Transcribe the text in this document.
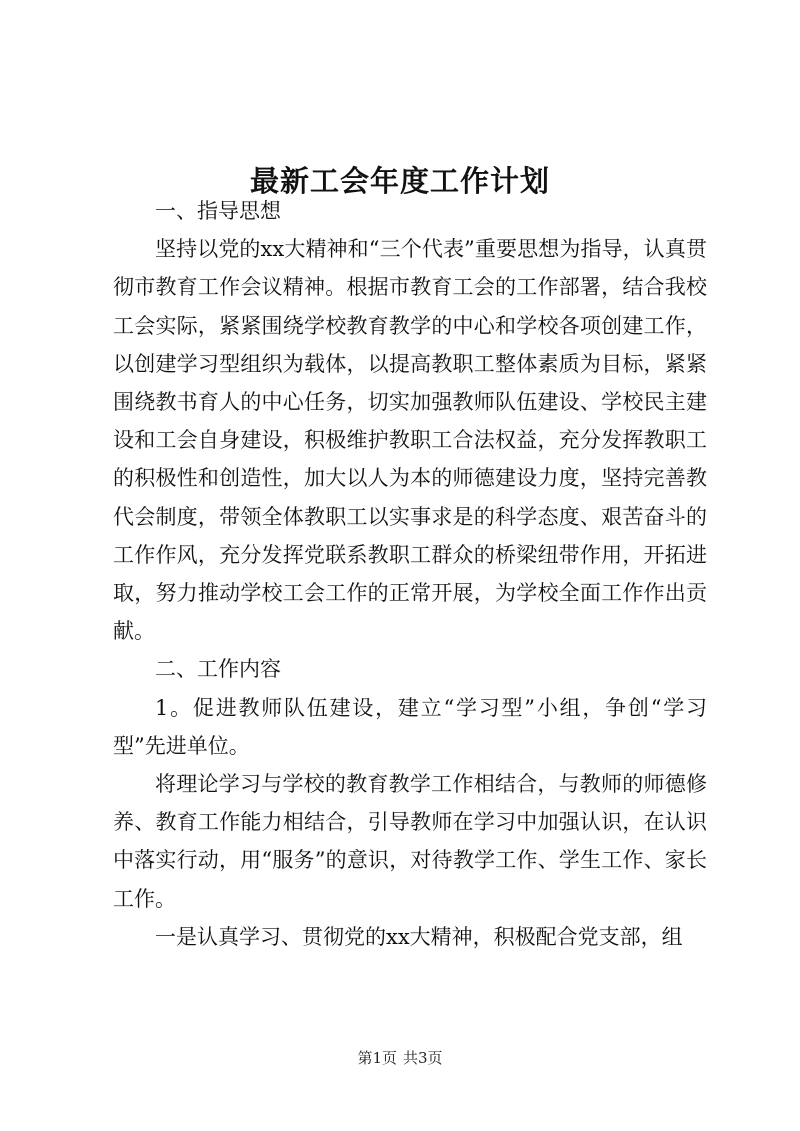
最新工会年度工作计划

一、指导思想

坚持以党的xx大精神和“三个代表”重要思想为指导，认真贯彻市教育工作会议精神。根据市教育工会的工作部署，结合我校工会实际，紧紧围绕学校教育教学的中心和学校各项创建工作，以创建学习型组织为载体，以提高教职工整体素质为目标，紧紧围绕教书育人的中心任务，切实加强教师队伍建设、学校民主建设和工会自身建设，积极维护教职工合法权益，充分发挥教职工的积极性和创造性，加大以人为本的师德建设力度，坚持完善教代会制度，带领全体教职工以实事求是的科学态度、艰苦奋斗的工作作风，充分发挥党联系教职工群众的桥梁纽带作用，开拓进取，努力推动学校工会工作的正常开展，为学校全面工作作出贡献。

二、工作内容

1。促进教师队伍建设，建立“学习型”小组，争创“学习型”先进单位。

将理论学习与学校的教育教学工作相结合，与教师的师德修养、教育工作能力相结合，引导教师在学习中加强认识，在认识中落实行动，用“服务”的意识，对待教学工作、学生工作、家长工作。

一是认真学习、贯彻党的xx大精神，积极配合党支部，组

第1页 共3页
